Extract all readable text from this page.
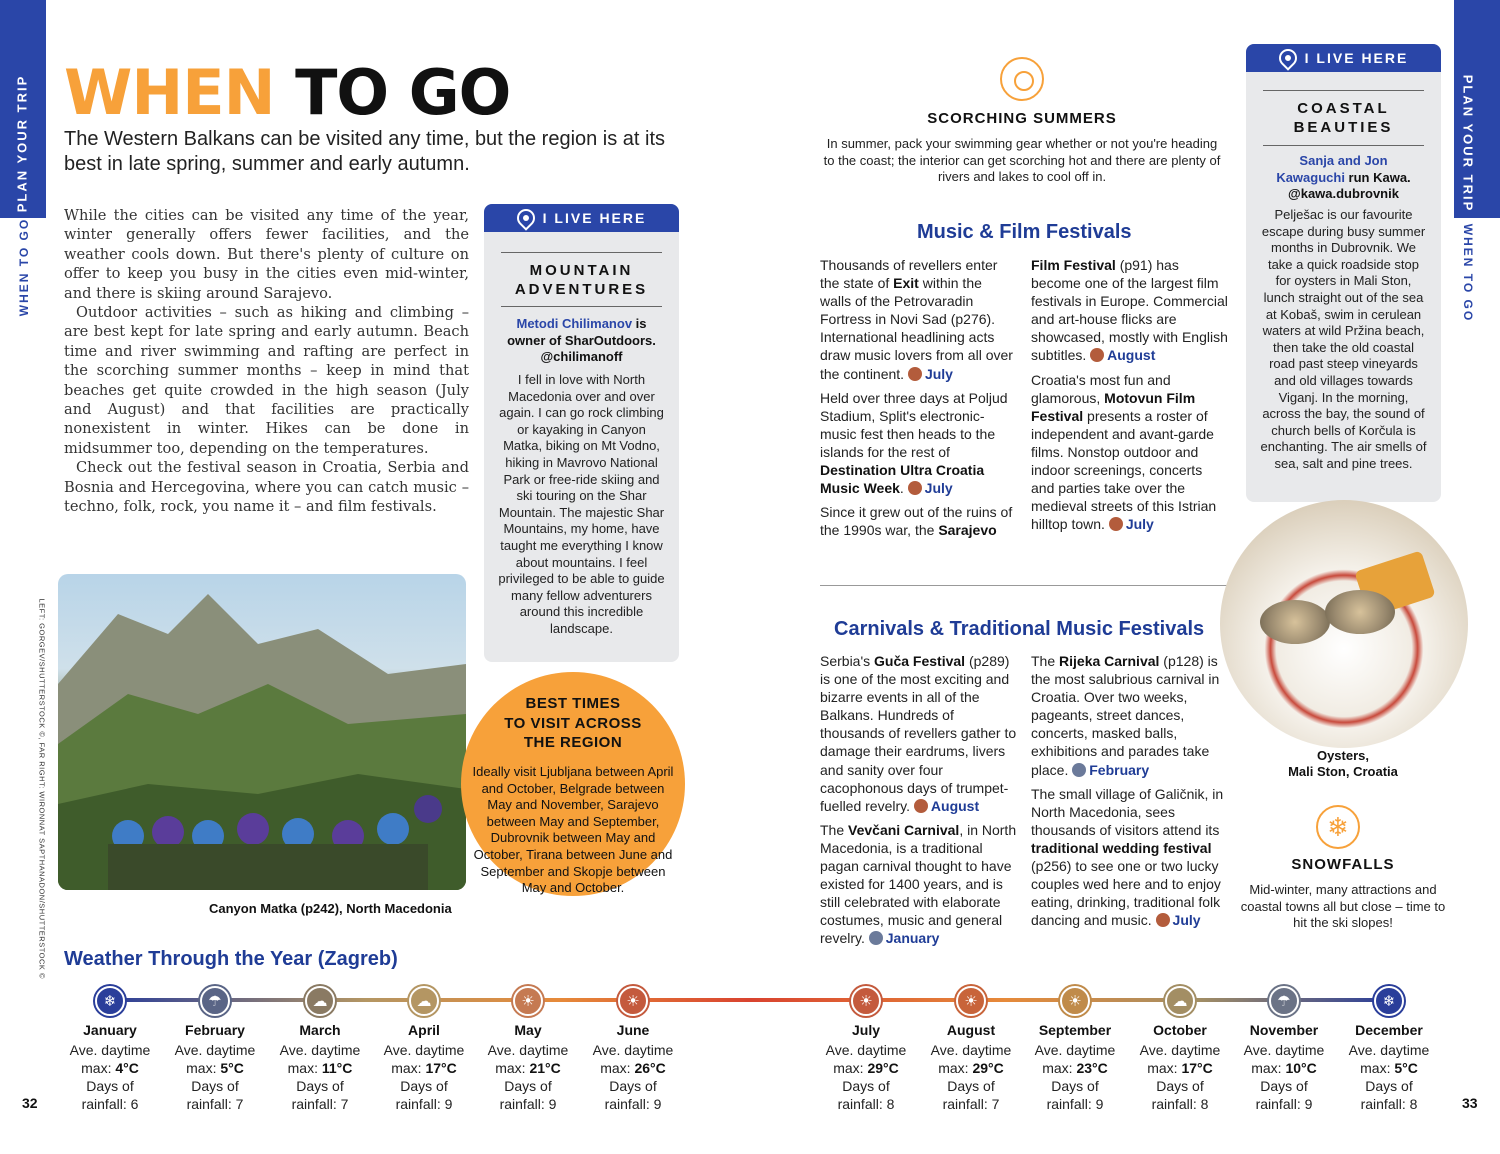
PLAN YOUR TRIP
WHEN TO GO
PLAN YOUR TRIP
WHEN TO GO
WHEN TO GO
The Western Balkans can be visited any time, but the region is at its best in late spring, summer and early autumn.

While the cities can be visited any time of the year, winter generally offers fewer facilities, and the weather cools down. But there's plenty of culture on offer to keep you busy in the cities even mid-winter, and there is skiing around Sarajevo.

Outdoor activities – such as hiking and climbing – are best kept for late spring and early autumn. Beach time and river swimming and rafting are perfect in the scorching summer months – keep in mind that beaches get quite crowded in the high season (July and August) and that facilities are practically nonexistent in winter. Hikes can be done in midsummer too, depending on the temperatures.

Check out the festival season in Croatia, Serbia and Bosnia and Hercegovina, where you can catch music – techno, folk, rock, you name it – and film festivals.

I LIVE HERE
MOUNTAIN
ADVENTURES
Metodi Chilimanov is
owner of SharOutdoors.
@chilimanoff
I fell in love with North Macedonia over and over again. I can go rock climbing or kayaking in Canyon Matka, biking on Mt Vodno, hiking in Mavrovo National Park or free-ride skiing and ski touring on the Shar Mountain. The majestic Shar Mountains, my home, have taught me everything I know about mountains. I feel privileged to be able to guide many fellow adventurers around this incredible landscape.
LEFT: GORGEV/SHUTTERSTOCK ©, FAR RIGHT: WIRONNAT SAPTHANADON/SHUTTERSTOCK ©	Canyon Matka (p242), North Macedonia
BEST TIMES
TO VISIT ACROSS
THE REGION
Ideally visit Ljubljana between April and October, Belgrade between May and November, Sarajevo between May and September, Dubrovnik between May and October, Tirana between June and September and Skopje between May and October.
SCORCHING SUMMERS
In summer, pack your swimming gear whether or not you're heading to the coast; the interior can get scorching hot and there are plenty of rivers and lakes to cool off in.
Music & Film Festivals

Thousands of revellers enter the state of Exit within the walls of the Petrovaradin Fortress in Novi Sad (p276). International headlining acts draw music lovers from all over the continent. July

Held over three days at Poljud Stadium, Split's electronic-music fest then heads to the islands for the rest of Destination Ultra Croatia Music Week. July

Since it grew out of the ruins of the 1990s war, the Sarajevo

Film Festival (p91) has become one of the largest film festivals in Europe. Commercial and art-house flicks are showcased, mostly with English subtitles. August

Croatia's most fun and glamorous, Motovun Film Festival presents a roster of independent and avant-garde films. Nonstop outdoor and indoor screenings, concerts and parties take over the medieval streets of this Istrian hilltop town. July

Carnivals & Traditional Music Festivals

Serbia's Guča Festival (p289) is one of the most exciting and bizarre events in all of the Balkans. Hundreds of thousands of revellers gather to damage their eardrums, livers and sanity over four cacophonous days of trumpet-fuelled revelry. August

The Vevčani Carnival, in North Macedonia, is a traditional pagan carnival thought to have existed for 1400 years, and is still celebrated with elaborate costumes, music and general revelry. January

The Rijeka Carnival (p128) is the most salubrious carnival in Croatia. Over two weeks, pageants, street dances, concerts, masked balls, exhibitions and parades take place. February

The small village of Galičnik, in North Macedonia, sees thousands of visitors attend its traditional wedding festival (p256) to see one or two lucky couples wed here and to enjoy eating, drinking, traditional folk dancing and music. July

I LIVE HERE
COASTAL
BEAUTIES
Sanja and Jon Kawaguchi run Kawa.
@kawa.dubrovnik
Pelješac is our favourite escape during busy summer months in Dubrovnik. We take a quick roadside stop for oysters in Mali Ston, lunch straight out of the sea at Kobaš, swim in cerulean waters at wild Pržina beach, then take the old coastal road past steep vineyards and old villages towards Viganj. In the morning, across the bay, the sound of church bells of Korčula is enchanting. The air smells of sea, salt and pine trees.
Oysters,
Mali Ston, Croatia
❄
SNOWFALLS
Mid-winter, many attractions and coastal towns all but close – time to hit the ski slopes!
Weather Through the Year (Zagreb)
❄
January
Ave. daytime
max: 4°C
Days of
rainfall: 6
☂
February
Ave. daytime
max: 5°C
Days of
rainfall: 7
☁
March
Ave. daytime
max: 11°C
Days of
rainfall: 7
☁
April
Ave. daytime
max: 17°C
Days of
rainfall: 9
☀
May
Ave. daytime
max: 21°C
Days of
rainfall: 9
☀
June
Ave. daytime
max: 26°C
Days of
rainfall: 9
☀
July
Ave. daytime
max: 29°C
Days of
rainfall: 8
☀
August
Ave. daytime
max: 29°C
Days of
rainfall: 7
☀
September
Ave. daytime
max: 23°C
Days of
rainfall: 9
☁
October
Ave. daytime
max: 17°C
Days of
rainfall: 8
☂
November
Ave. daytime
max: 10°C
Days of
rainfall: 9
❄
December
Ave. daytime
max: 5°C
Days of
rainfall: 8
32	33
